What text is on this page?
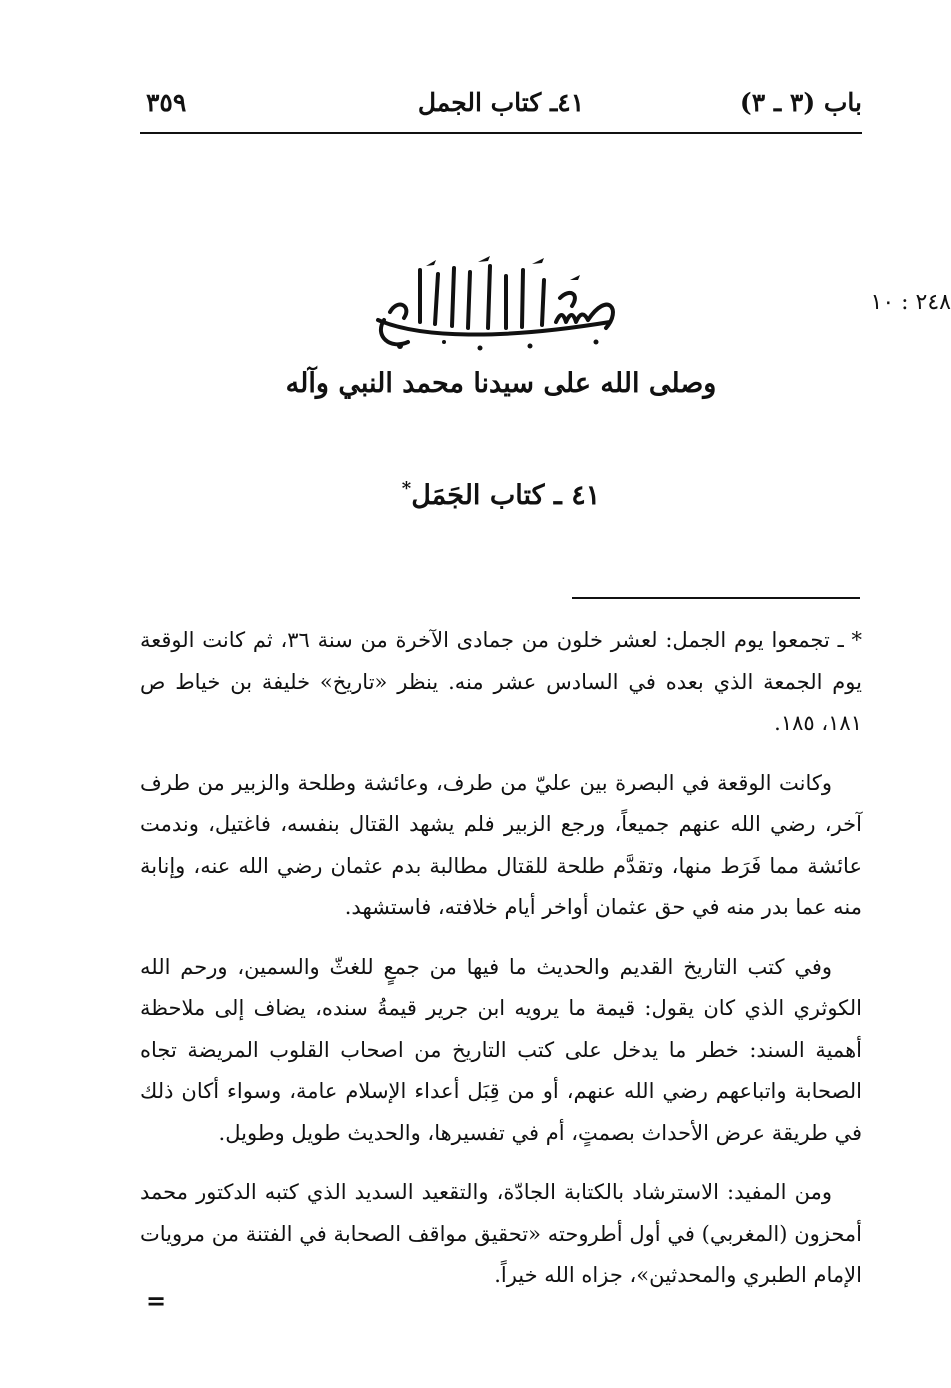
باب (٣ ـ ٣)
٤١ـ كتاب الجمل
٣٥٩
٢٤٨ : ١٠
وصلى الله على سيدنا محمد النبي وآله
٤١ ـ كتاب الجَمَل*

* ـ تجمعوا يوم الجمل: لعشر خلون من جمادى الآخرة من سنة ٣٦، ثم كانت الوقعة يوم الجمعة الذي بعده في السادس عشر منه. ينظر «تاريخ» خليفة بن خياط ص ١٨١، ١٨٥.

وكانت الوقعة في البصرة بين عليّ من طرف، وعائشة وطلحة والزبير من طرف آخر، رضي الله عنهم جميعاً، ورجع الزبير فلم يشهد القتال بنفسه، فاغتيل، وندمت عائشة مما فَرَط منها، وتقدَّم طلحة للقتال مطالبة بدم عثمان رضي الله عنه، وإنابة منه عما بدر منه في حق عثمان أواخر أيام خلافته، فاستشهد.

وفي كتب التاريخ القديم والحديث ما فيها من جمعٍ للغثّ والسمين، ورحم الله الكوثري الذي كان يقول: قيمة ما يرويه ابن جرير قيمةُ سنده، يضاف إلى ملاحظة أهمية السند: خطر ما يدخل على كتب التاريخ من اصحاب القلوب المريضة تجاه الصحابة واتباعهم رضي الله عنهم، أو من قِبَل أعداء الإسلام عامة، وسواء أكان ذلك في طريقة عرض الأحداث بصمتٍ، أم في تفسيرها، والحديث طويل وطويل.

ومن المفيد: الاسترشاد بالكتابة الجادّة، والتقعيد السديد الذي كتبه الدكتور محمد أمحزون (المغربي) في أول أطروحته «تحقيق مواقف الصحابة في الفتنة من مرويات الإمام الطبري والمحدثين»، جزاه الله خيراً.

=
